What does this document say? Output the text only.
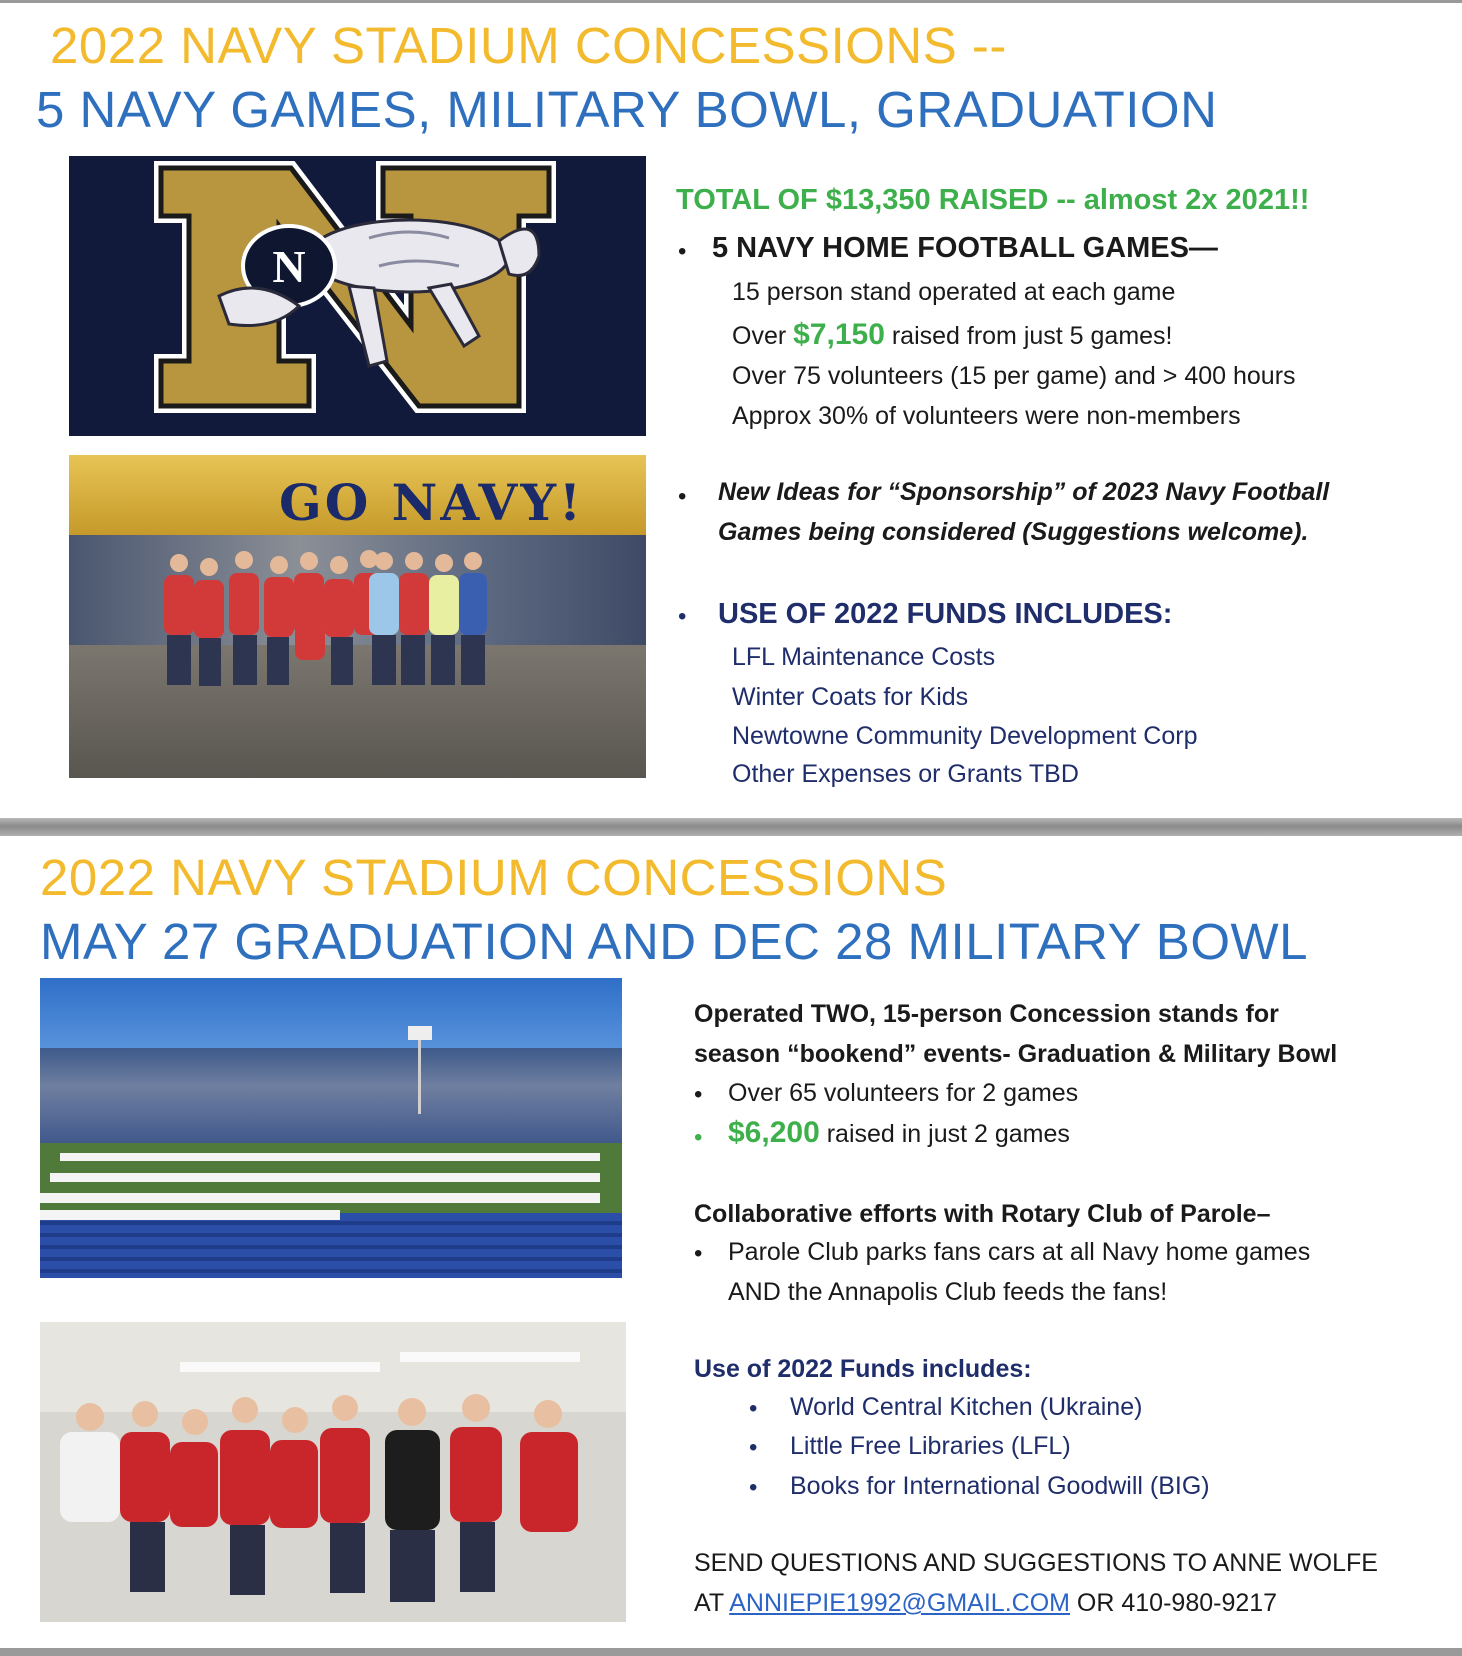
2022 NAVY STADIUM CONCESSIONS --
5 NAVY GAMES, MILITARY BOWL, GRADUATION
N
GO NAVY!
TOTAL OF $13,350 RAISED -- almost 2x 2021!!
• 5 NAVY HOME FOOTBALL GAMES—
15 person stand operated at each game
Over $7,150 raised from just 5 games!
Over 75 volunteers (15 per game) and > 400 hours
Approx 30% of volunteers were non-members
• New Ideas for “Sponsorship” of 2023 Navy Football
Games being considered (Suggestions welcome).
• USE OF 2022 FUNDS INCLUDES:
LFL Maintenance Costs
Winter Coats for Kids
Newtowne Community Development Corp
Other Expenses or Grants TBD
2022 NAVY STADIUM CONCESSIONS
MAY 27 GRADUATION AND DEC 28 MILITARY BOWL
Operated TWO, 15-person Concession stands for
season “bookend” events- Graduation & Military Bowl
• Over 65 volunteers for 2 games
• $6,200 raised in just 2 games
Collaborative efforts with Rotary Club of Parole–
• Parole Club parks fans cars at all Navy home games
AND the Annapolis Club feeds the fans!
Use of 2022 Funds includes:
• World Central Kitchen (Ukraine)
• Little Free Libraries (LFL)
• Books for International Goodwill (BIG)
SEND QUESTIONS AND SUGGESTIONS TO ANNE WOLFE
AT ANNIEPIE1992@GMAIL.COM OR 410-980-9217
